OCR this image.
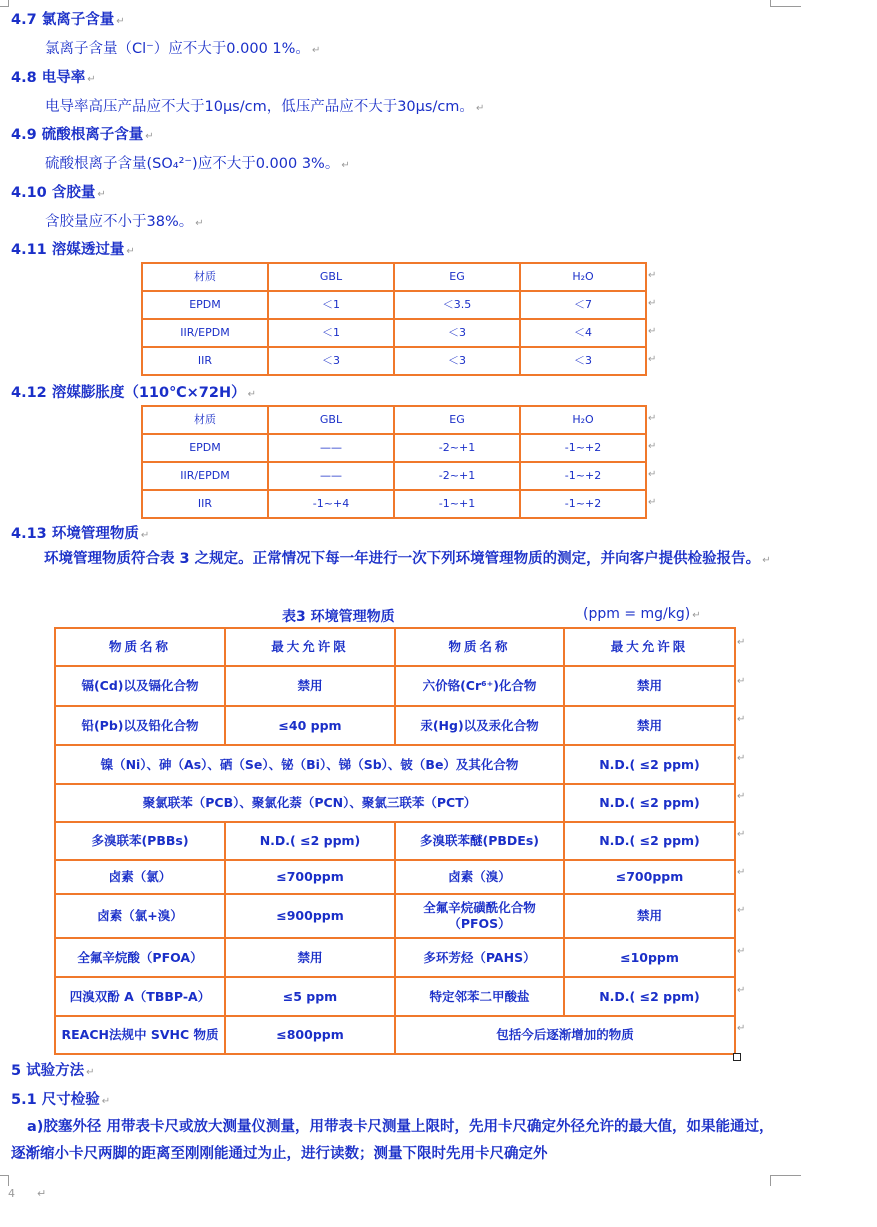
4.7 氯离子含量 ↵
氯离子含量（Cl⁻）应不大于0.000 1%。 ↵
4.8 电导率 ↵
电导率高压产品应不大于10μs/cm，低压产品应不大于30μs/cm。 ↵
4.9 硫酸根离子含量 ↵
硫酸根离子含量(SO₄²⁻)应不大于0.000 3%。 ↵
4.10 含胶量 ↵
含胶量应不小于38%。 ↵
4.11 溶媒透过量 ↵
材质	GBL	EG	H₂O
EPDM	＜1	＜3.5	＜7
IIR/EPDM	＜1	＜3	＜4
IIR	＜3	＜3	＜3
↵
↵
↵
↵
4.12 溶媒膨胀度（110℃×72H） ↵
材质	GBL	EG	H₂O
EPDM	——	-2~+1	-1~+2
IIR/EPDM	——	-2~+1	-1~+2
IIR	-1~+4	-1~+1	-1~+2
↵
↵
↵
↵
4.13 环境管理物质 ↵
环境管理物质符合表 3 之规定。正常情况下每一年进行一次下列环境管理物质的测定，并向客户提供检验报告。 ↵
表3 环境管理物质	(ppm = mg/kg) ↵
物质名称	最大允许限	物质名称	最大允许限
镉(Cd)以及镉化合物	禁用	六价铬(Cr⁶⁺)化合物	禁用
铅(Pb)以及铅化合物	≤40 ppm	汞(Hg)以及汞化合物	禁用
镍（Ni）、砷（As）、硒（Se）、铋（Bi）、锑（Sb）、铍（Be）及其化合物			N.D.( ≤2 ppm)
聚氯联苯（PCB）、聚氯化萘（PCN）、聚氯三联苯（PCT）			N.D.( ≤2 ppm)
多溴联苯(PBBs)	N.D.( ≤2 ppm)	多溴联苯醚(PBDEs)	N.D.( ≤2 ppm)
卤素（氯）	≤700ppm	卤素（溴）	≤700ppm
卤素（氯+溴）	≤900ppm	全氟辛烷磺酰化合物（PFOS）	禁用
全氟辛烷酸（PFOA）	禁用	多环芳烃（PAHS）	≤10ppm
四溴双酚 A（TBBP-A）	≤5 ppm	特定邻苯二甲酸盐	N.D.( ≤2 ppm)
REACH法规中 SVHC 物质	≤800ppm	包括今后逐渐增加的物质	
↵
↵
↵
↵
↵
↵
↵
↵
↵
↵
↵
5 试验方法 ↵
5.1 尺寸检验 ↵
a)胶塞外径 用带表卡尺或放大测量仪测量，用带表卡尺测量上限时，先用卡尺确定外径允许的最大值，如果能通过，逐渐缩小卡尺两脚的距离至刚刚能通过为止，进行读数；测量下限时先用卡尺确定外
4 ↵
